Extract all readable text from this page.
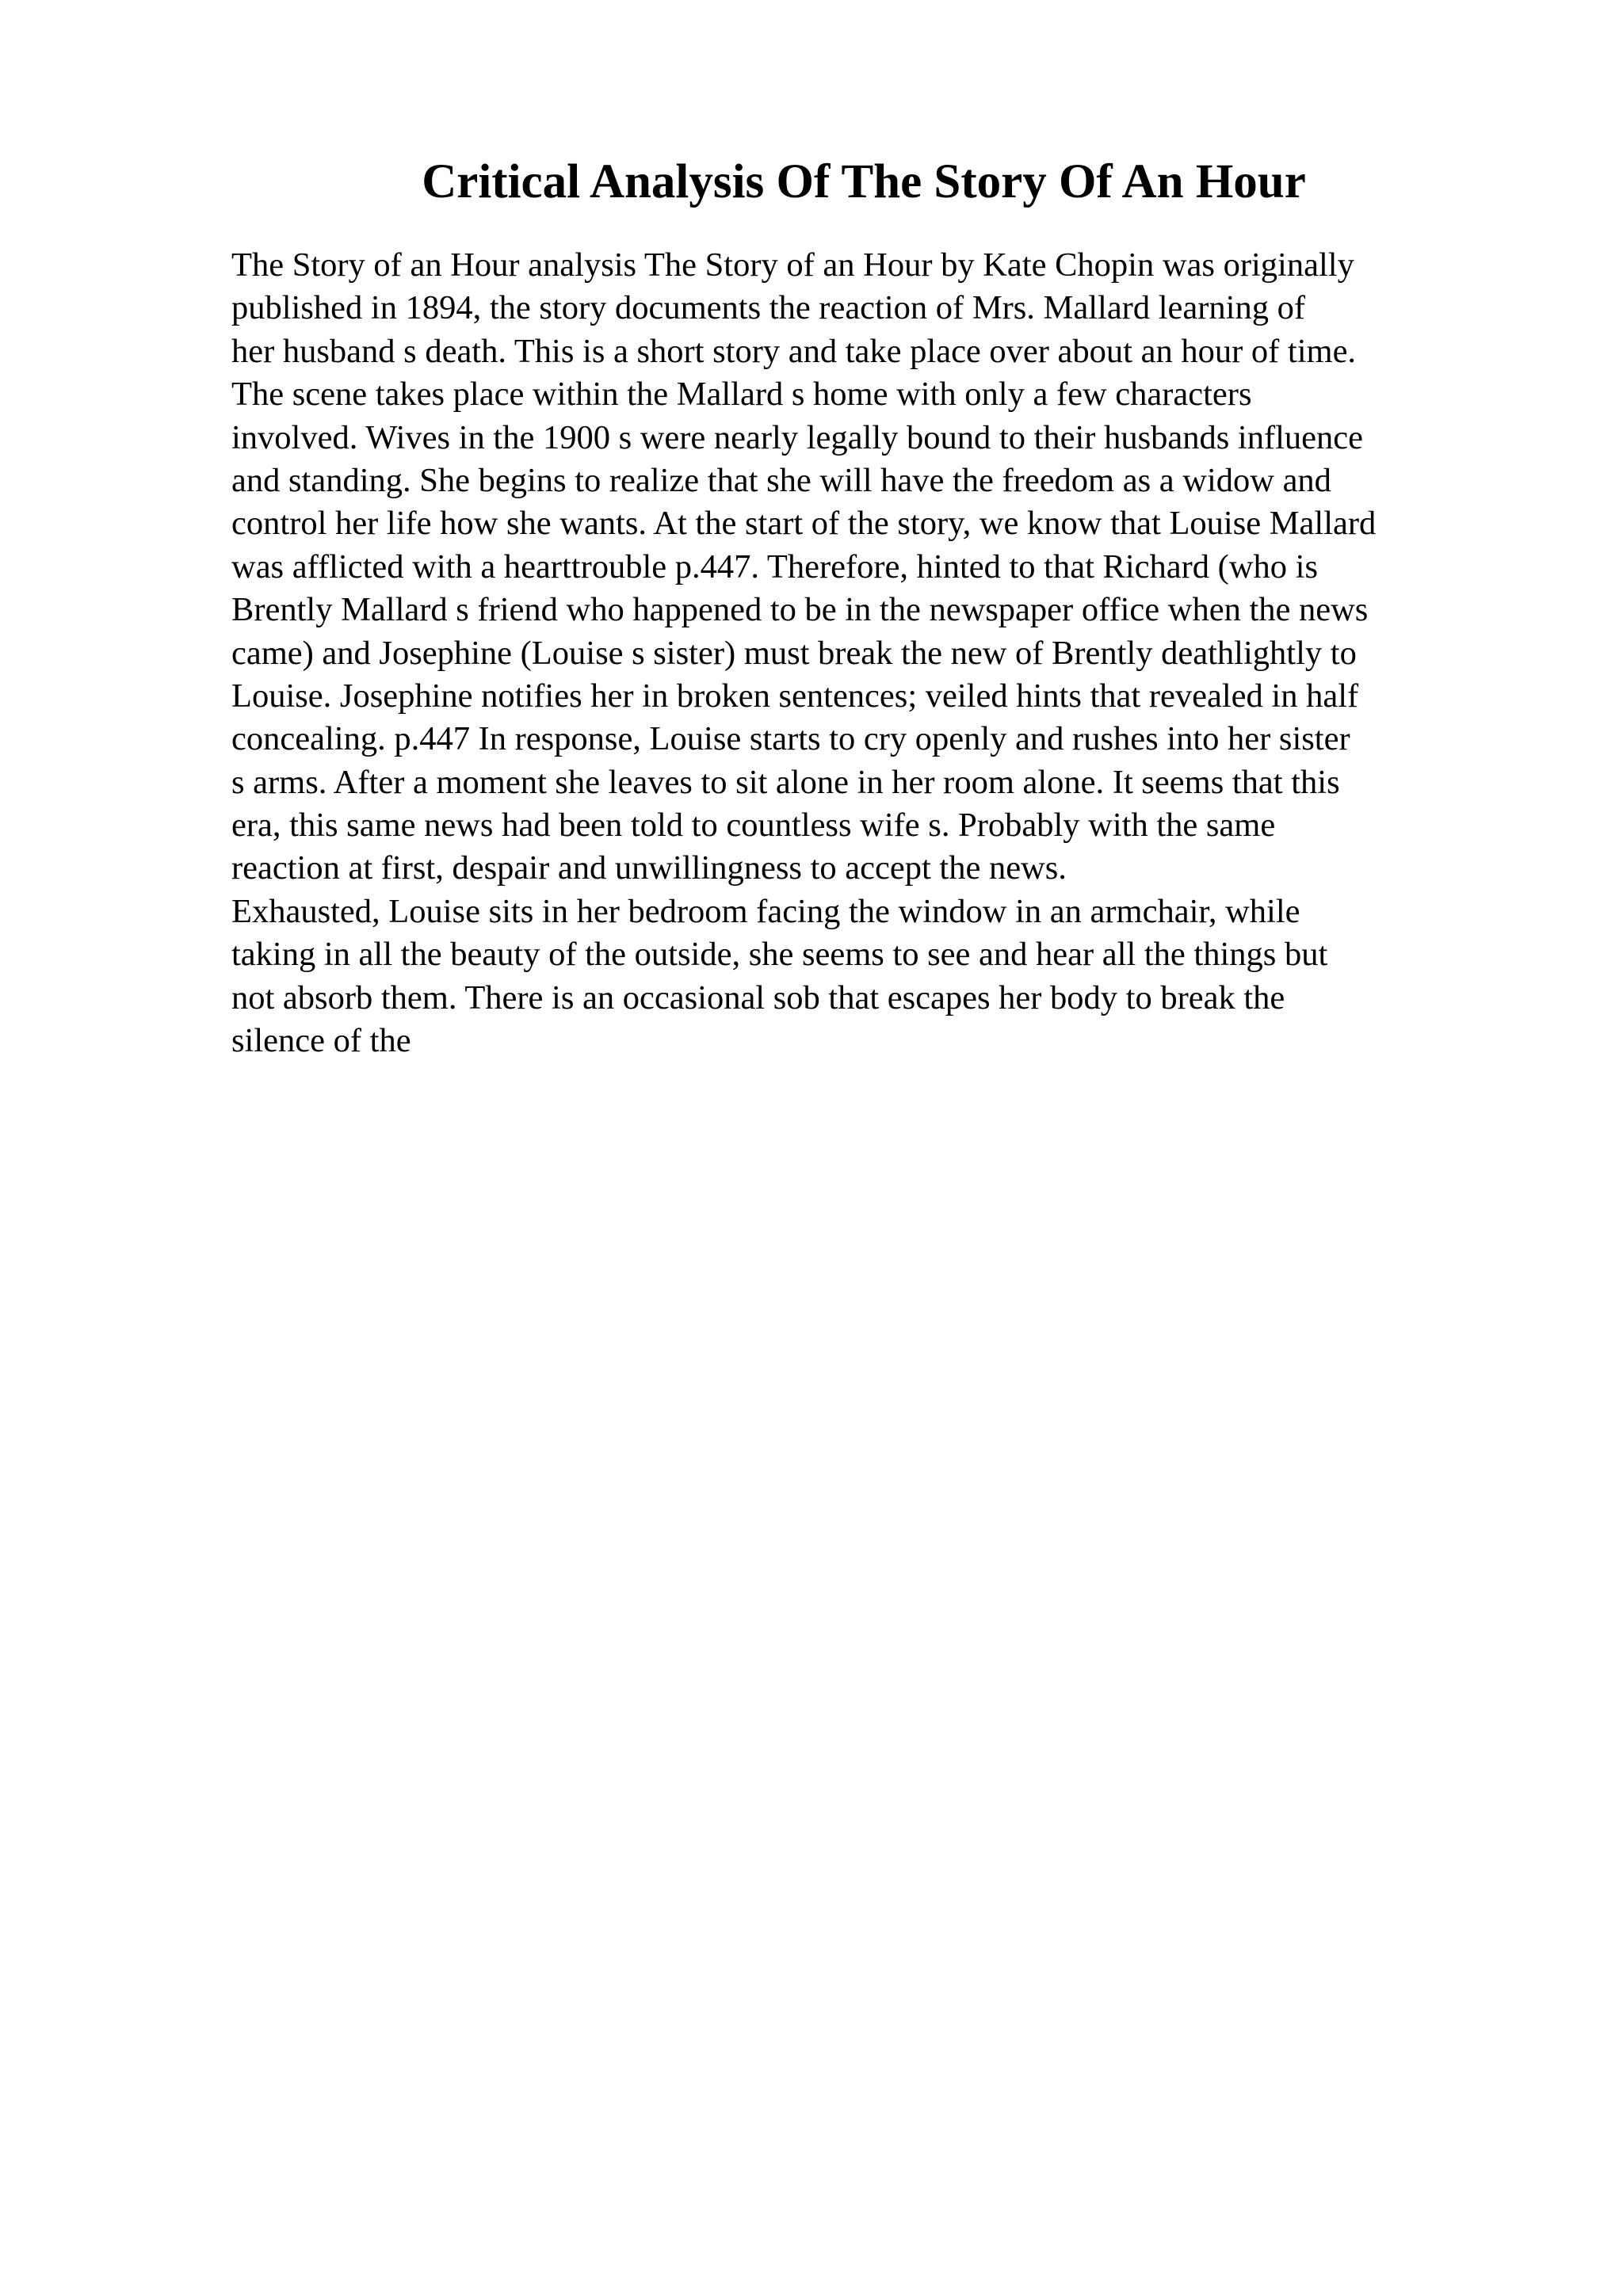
Critical Analysis Of The Story Of An Hour
The Story of an Hour analysis The Story of an Hour by Kate Chopin was originally
published in 1894, the story documents the reaction of Mrs. Mallard learning of
her husband s death. This is a short story and take place over about an hour of time.
The scene takes place within the Mallard s home with only a few characters
involved. Wives in the 1900 s were nearly legally bound to their husbands influence
and standing. She begins to realize that she will have the freedom as a widow and
control her life how she wants. At the start of the story, we know that Louise Mallard
was afflicted with a hearttrouble p.447. Therefore, hinted to that Richard (who is
Brently Mallard s friend who happened to be in the newspaper office when the news
came) and Josephine (Louise s sister) must break the new of Brently deathlightly to
Louise. Josephine notifies her in broken sentences; veiled hints that revealed in half
concealing. p.447 In response, Louise starts to cry openly and rushes into her sister
s arms. After a moment she leaves to sit alone in her room alone. It seems that this
era, this same news had been told to countless wife s. Probably with the same
reaction at first, despair and unwillingness to accept the news.
Exhausted, Louise sits in her bedroom facing the window in an armchair, while
taking in all the beauty of the outside, she seems to see and hear all the things but
not absorb them. There is an occasional sob that escapes her body to break the
silence of the
